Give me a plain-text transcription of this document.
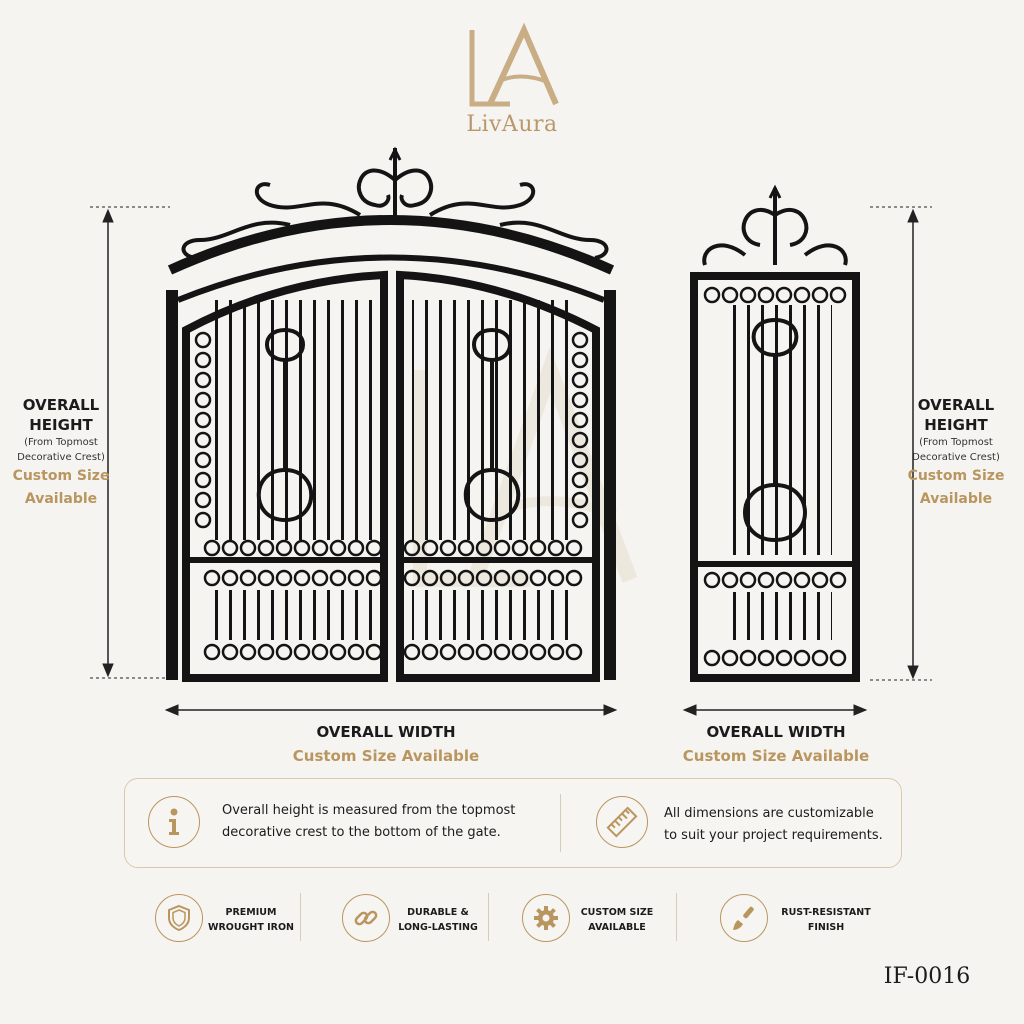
LivAura
OVERALL
HEIGHT
(From Topmost
Decorative Crest)
Custom Size
Available
OVERALL
HEIGHT
(From Topmost
Decorative Crest)
Custom Size
Available
OVERALL WIDTH
Custom Size Available
OVERALL WIDTH
Custom Size Available
Overall height is measured from the topmost
decorative crest to the bottom of the gate.
All dimensions are customizable
to suit your project requirements.
PREMIUM
WROUGHT IRON
DURABLE &
LONG-LASTING
CUSTOM SIZE
AVAILABLE
RUST-RESISTANT
FINISH
IF-0016
